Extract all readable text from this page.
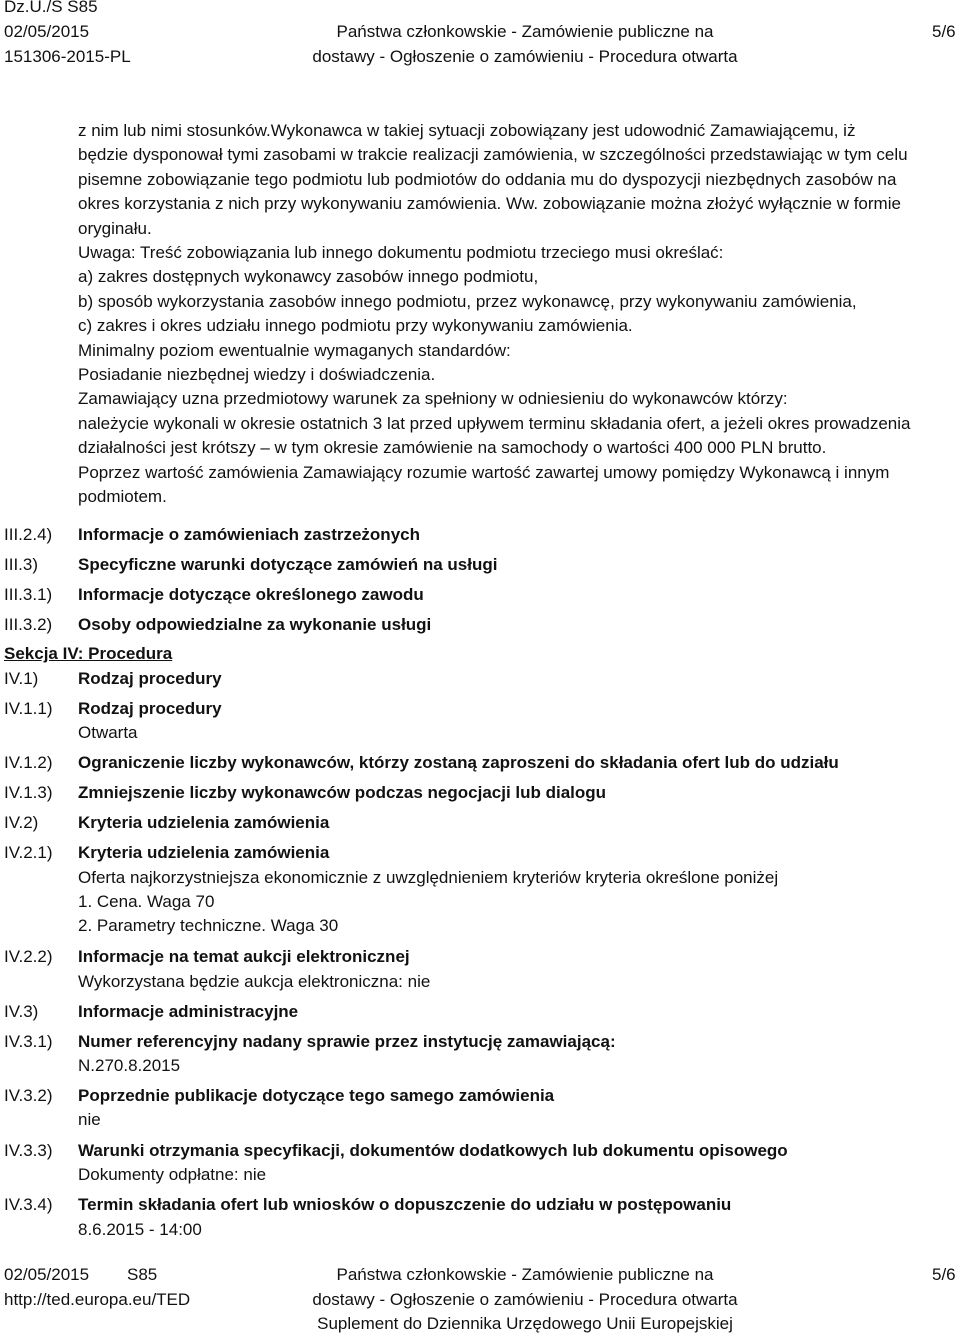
Dz.U./S S85
02/05/2015
151306-2015-PL
Państwa członkowskie - Zamówienie publiczne na
dostawy - Ogłoszenie o zamówieniu - Procedura otwarta
5/6
z nim lub nimi stosunków.Wykonawca w takiej sytuacji zobowiązany jest udowodnić Zamawiającemu, iż
będzie dysponował tymi zasobami w trakcie realizacji zamówienia, w szczególności przedstawiając w tym celu
pisemne zobowiązanie tego podmiotu lub podmiotów do oddania mu do dyspozycji niezbędnych zasobów na
okres korzystania z nich przy wykonywaniu zamówienia. Ww. zobowiązanie można złożyć wyłącznie w formie
oryginału.
Uwaga: Treść zobowiązania lub innego dokumentu podmiotu trzeciego musi określać:
a) zakres dostępnych wykonawcy zasobów innego podmiotu,
b) sposób wykorzystania zasobów innego podmiotu, przez wykonawcę, przy wykonywaniu zamówienia,
c) zakres i okres udziału innego podmiotu przy wykonywaniu zamówienia.
Minimalny poziom ewentualnie wymaganych standardów:
Posiadanie niezbędnej wiedzy i doświadczenia.
Zamawiający uzna przedmiotowy warunek za spełniony w odniesieniu do wykonawców którzy:
należycie wykonali w okresie ostatnich 3 lat przed upływem terminu składania ofert, a jeżeli okres prowadzenia
działalności jest krótszy – w tym okresie zamówienie na samochody o wartości 400 000 PLN brutto.
Poprzez wartość zamówienia Zamawiający rozumie wartość zawartej umowy pomiędzy Wykonawcą i innym
podmiotem.
III.2.4) Informacje o zamówieniach zastrzeżonych
III.3) Specyficzne warunki dotyczące zamówień na usługi
III.3.1) Informacje dotyczące określonego zawodu
III.3.2) Osoby odpowiedzialne za wykonanie usługi
Sekcja IV: Procedura
IV.1) Rodzaj procedury
IV.1.1) Rodzaj procedury
Otwarta
IV.1.2) Ograniczenie liczby wykonawców, którzy zostaną zaproszeni do składania ofert lub do udziału
IV.1.3) Zmniejszenie liczby wykonawców podczas negocjacji lub dialogu
IV.2) Kryteria udzielenia zamówienia
IV.2.1) Kryteria udzielenia zamówienia
Oferta najkorzystniejsza ekonomicznie z uwzględnieniem kryteriów kryteria określone poniżej
1. Cena. Waga 70
2. Parametry techniczne. Waga 30
IV.2.2) Informacje na temat aukcji elektronicznej
Wykorzystana będzie aukcja elektroniczna: nie
IV.3) Informacje administracyjne
IV.3.1) Numer referencyjny nadany sprawie przez instytucję zamawiającą:
N.270.8.2015
IV.3.2) Poprzednie publikacje dotyczące tego samego zamówienia
nie
IV.3.3) Warunki otrzymania specyfikacji, dokumentów dodatkowych lub dokumentu opisowego
Dokumenty odpłatne: nie
IV.3.4) Termin składania ofert lub wniosków o dopuszczenie do udziału w postępowaniu
8.6.2015 - 14:00
02/05/2015 S85
http://ted.europa.eu/TED
Państwa członkowskie - Zamówienie publiczne na
dostawy - Ogłoszenie o zamówieniu - Procedura otwarta
Suplement do Dziennika Urzędowego Unii Europejskiej
5/6
